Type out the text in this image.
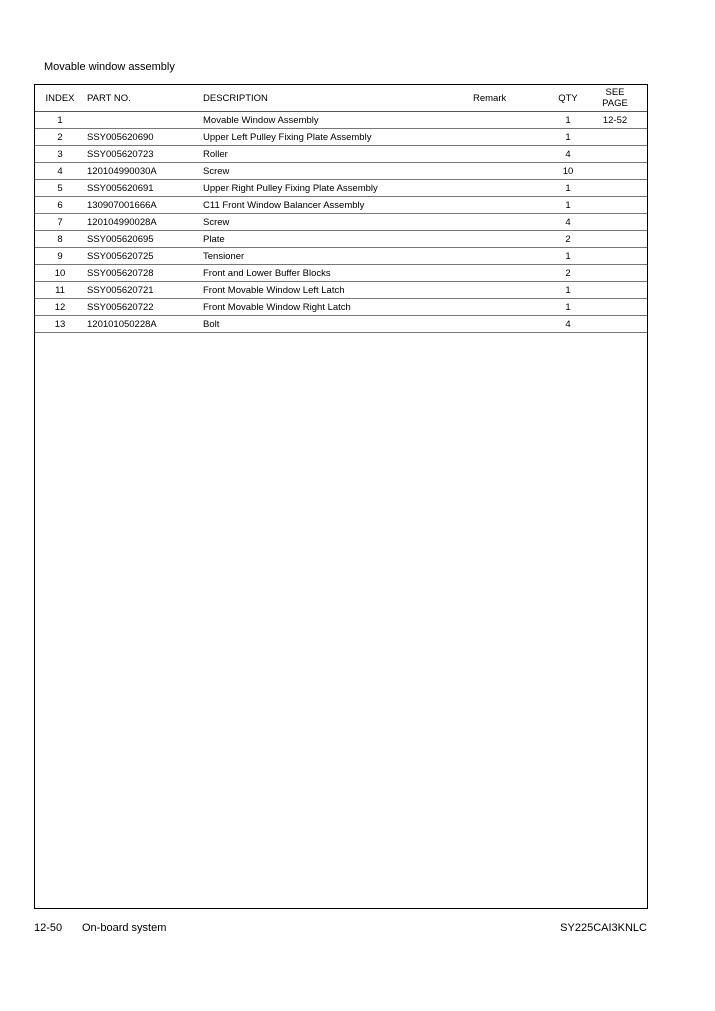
Movable window assembly
INDEX	PART NO.	DESCRIPTION	Remark	QTY	SEE
PAGE
1		Movable Window Assembly		1	12-52
2	SSY005620690	Upper Left Pulley Fixing Plate Assembly		1	
3	SSY005620723	Roller		4	
4	120104990030A	Screw		10	
5	SSY005620691	Upper Right Pulley Fixing Plate Assembly		1	
6	130907001666A	C11 Front Window Balancer Assembly		1	
7	120104990028A	Screw		4	
8	SSY005620695	Plate		2	
9	SSY005620725	Tensioner		1	
10	SSY005620728	Front and Lower Buffer Blocks		2	
11	SSY005620721	Front Movable Window Left Latch		1	
12	SSY005620722	Front Movable Window Right Latch		1	
13	120101050228A	Bolt		4	
12-50 On-board system	SY225CAI3KNLC
